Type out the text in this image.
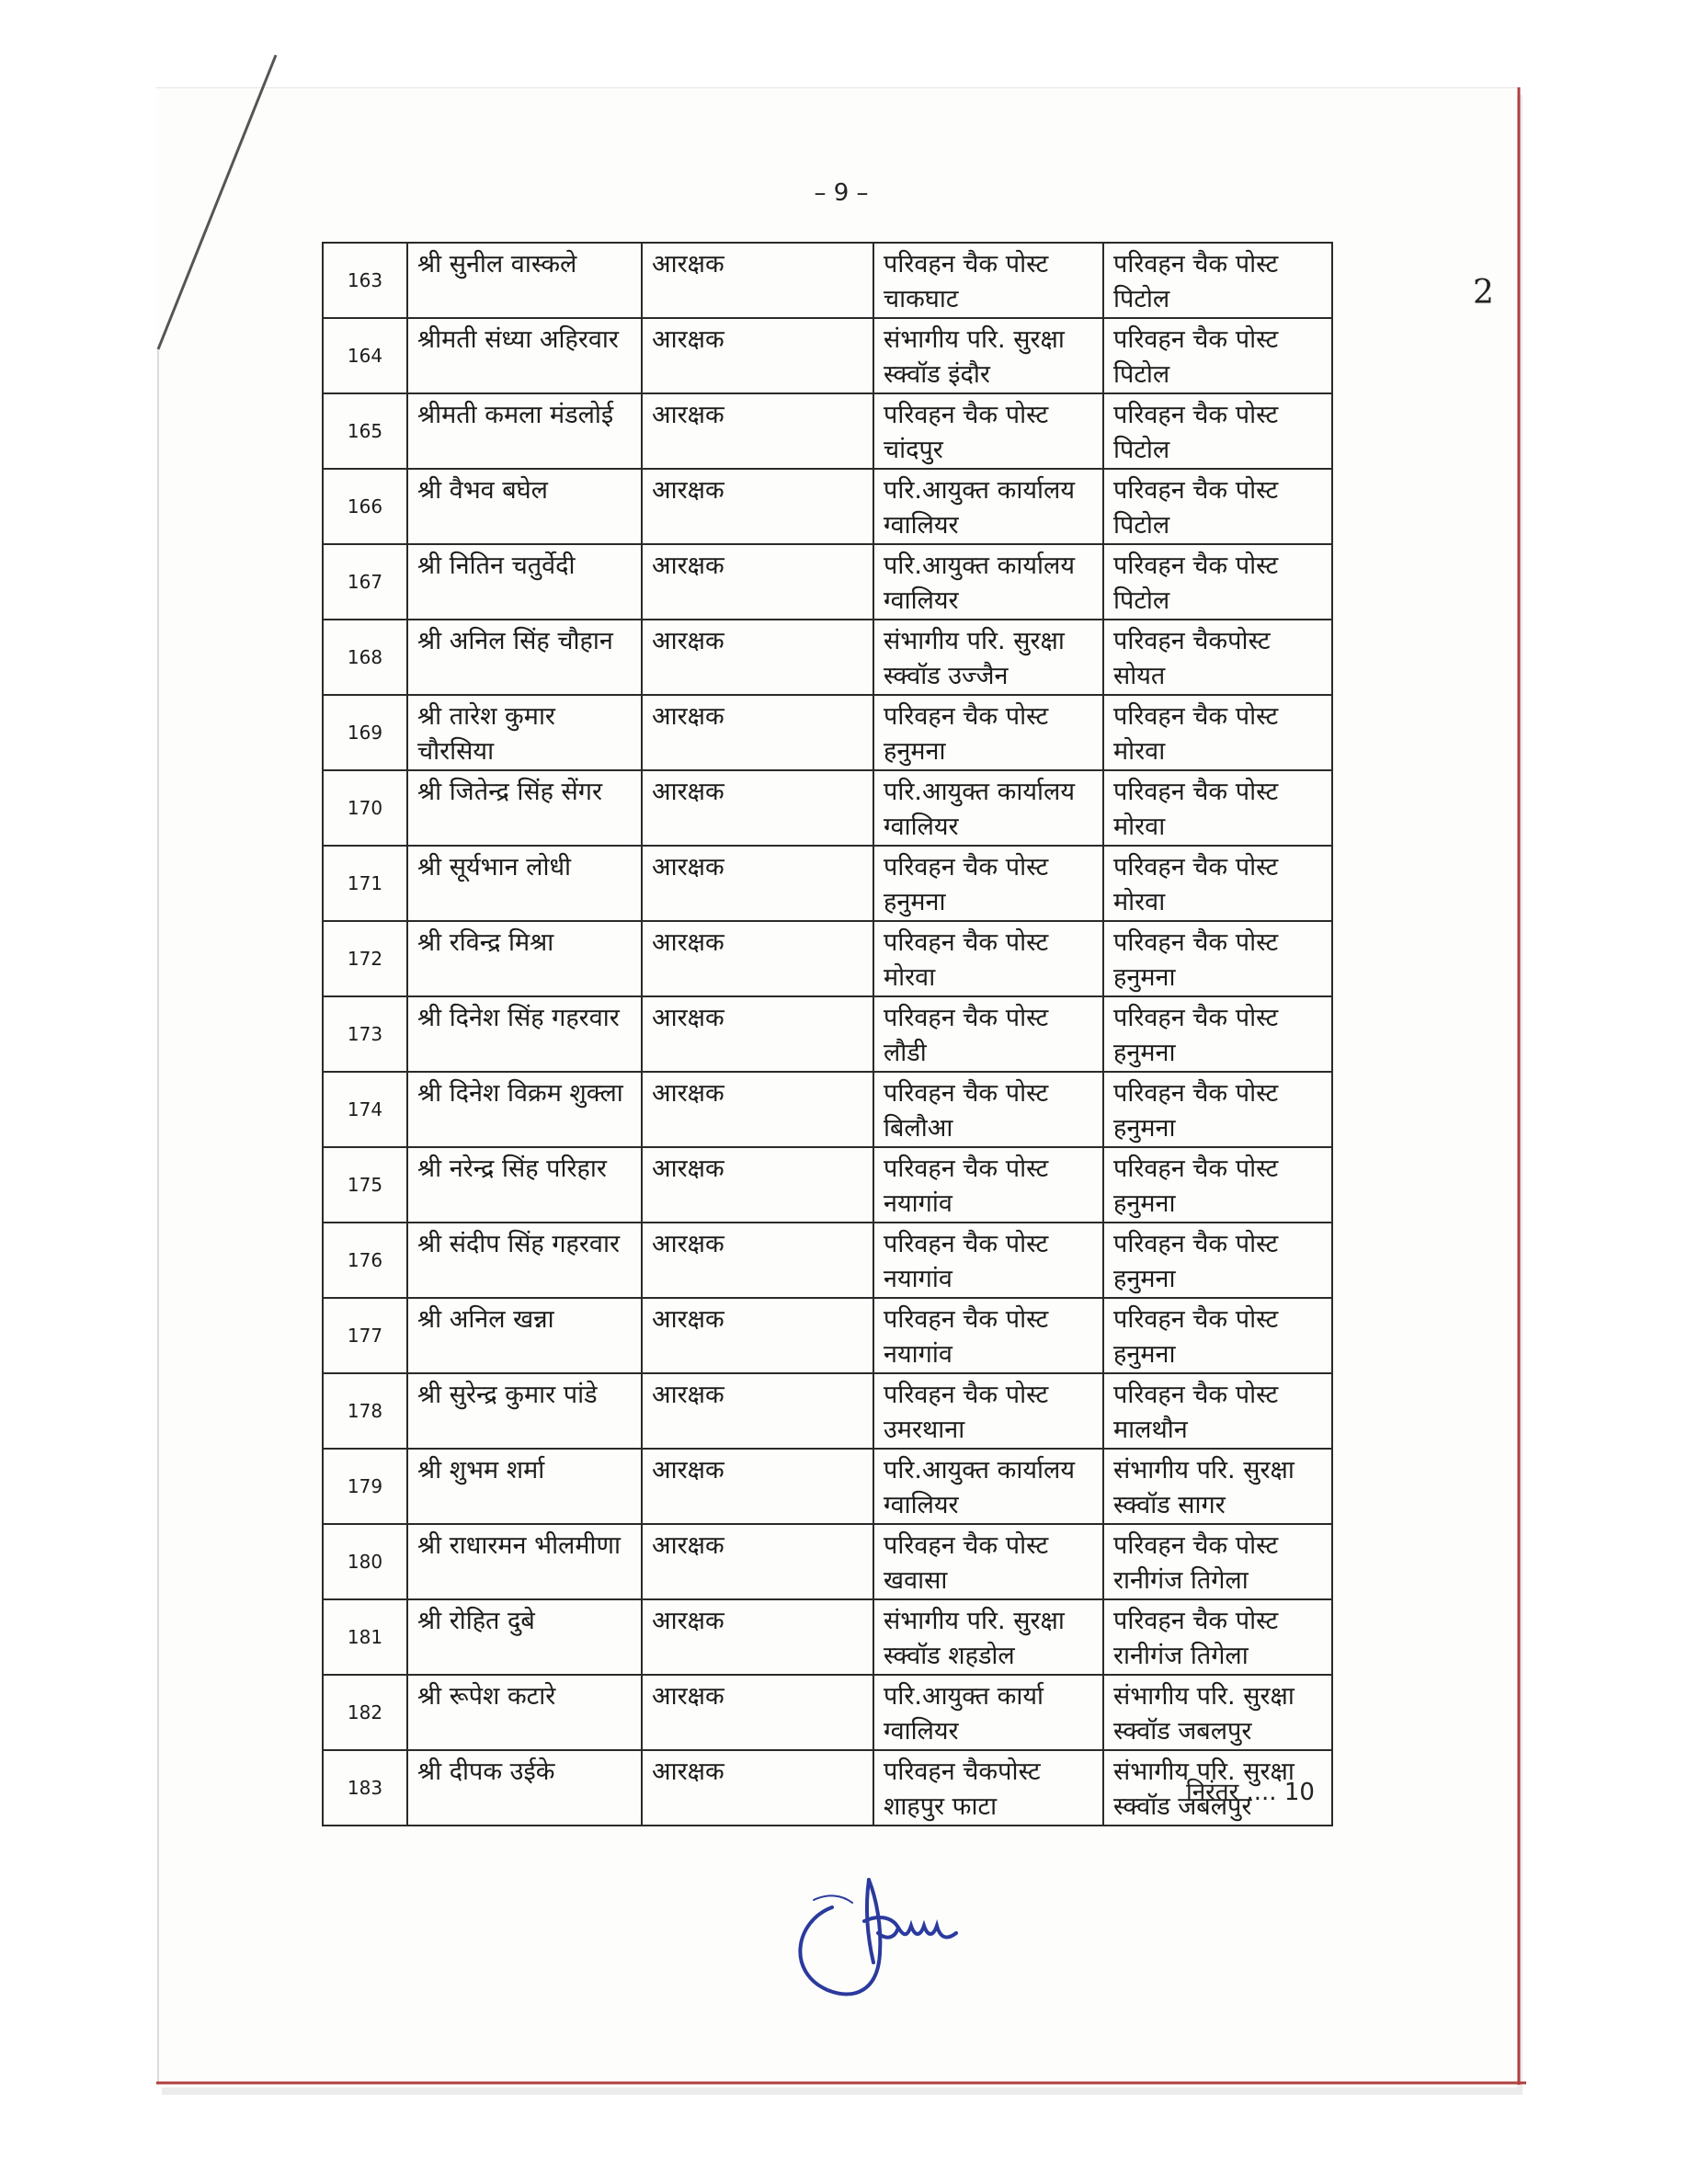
– 9 –
2
163	श्री सुनील वास्कले	आरक्षक	परिवहन चैक पोस्ट चाकघाट	परिवहन चैक पोस्ट पिटोल
164	श्रीमती संध्या अहिरवार	आरक्षक	संभागीय परि. सुरक्षा स्क्वॉड इंदौर	परिवहन चैक पोस्ट पिटोल
165	श्रीमती कमला मंडलोई	आरक्षक	परिवहन चैक पोस्ट चांदपुर	परिवहन चैक पोस्ट पिटोल
166	श्री वैभव बघेल	आरक्षक	परि.आयुक्त कार्यालय ग्वालियर	परिवहन चैक पोस्ट पिटोल
167	श्री नितिन चतुर्वेदी	आरक्षक	परि.आयुक्त कार्यालय ग्वालियर	परिवहन चैक पोस्ट पिटोल
168	श्री अनिल सिंह चौहान	आरक्षक	संभागीय परि. सुरक्षा स्क्वॉड उज्जैन	परिवहन चैकपोस्ट सोयत
169	श्री तारेश कुमार चौरसिया	आरक्षक	परिवहन चैक पोस्ट हनुमना	परिवहन चैक पोस्ट मोरवा
170	श्री जितेन्द्र सिंह सेंगर	आरक्षक	परि.आयुक्त कार्यालय ग्वालियर	परिवहन चैक पोस्ट मोरवा
171	श्री सूर्यभान लोधी	आरक्षक	परिवहन चैक पोस्ट हनुमना	परिवहन चैक पोस्ट मोरवा
172	श्री रविन्द्र मिश्रा	आरक्षक	परिवहन चैक पोस्ट मोरवा	परिवहन चैक पोस्ट हनुमना
173	श्री दिनेश सिंह गहरवार	आरक्षक	परिवहन चैक पोस्ट लौडी	परिवहन चैक पोस्ट हनुमना
174	श्री दिनेश विक्रम शुक्ला	आरक्षक	परिवहन चैक पोस्ट बिलौआ	परिवहन चैक पोस्ट हनुमना
175	श्री नरेन्द्र सिंह परिहार	आरक्षक	परिवहन चैक पोस्ट नयागांव	परिवहन चैक पोस्ट हनुमना
176	श्री संदीप सिंह गहरवार	आरक्षक	परिवहन चैक पोस्ट नयागांव	परिवहन चैक पोस्ट हनुमना
177	श्री अनिल खन्ना	आरक्षक	परिवहन चैक पोस्ट नयागांव	परिवहन चैक पोस्ट हनुमना
178	श्री सुरेन्द्र कुमार पांडे	आरक्षक	परिवहन चैक पोस्ट उमरथाना	परिवहन चैक पोस्ट मालथौन
179	श्री शुभम शर्मा	आरक्षक	परि.आयुक्त कार्यालय ग्वालियर	संभागीय परि. सुरक्षा स्क्वॉड सागर
180	श्री राधारमन भीलमीणा	आरक्षक	परिवहन चैक पोस्ट खवासा	परिवहन चैक पोस्ट रानीगंज तिगेला
181	श्री रोहित दुबे	आरक्षक	संभागीय परि. सुरक्षा स्क्वॉड शहडोल	परिवहन चैक पोस्ट रानीगंज तिगेला
182	श्री रूपेश कटारे	आरक्षक	परि.आयुक्त कार्या ग्वालियर	संभागीय परि. सुरक्षा स्क्वॉड जबलपुर
183	श्री दीपक उईके	आरक्षक	परिवहन चैकपोस्ट शाहपुर फाटा	संभागीय परि. सुरक्षा स्क्वॉड जबलपुर
निरंतर .... 10
